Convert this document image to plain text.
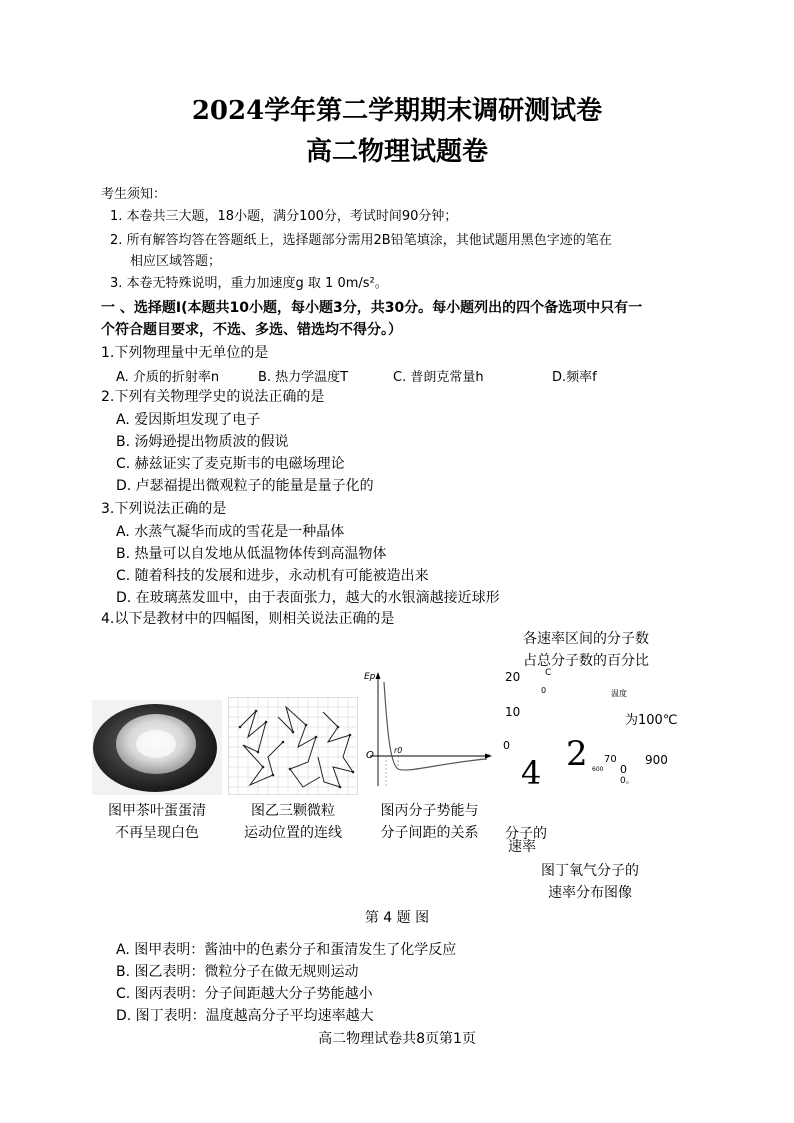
2024学年第二学期期末调研测试卷
高二物理试题卷
考生须知：
1. 本卷共三大题，18小题，满分100分，考试时间90分钟；
2. 所有解答均答在答题纸上，选择题部分需用2B铅笔填涂，其他试题用黑色字迹的笔在
相应区域答题；
3. 本卷无特殊说明，重力加速度g 取 1 0m/s²。
一 、选择题Ⅰ(本题共10小题，每小题3分，共30分。每小题列出的四个备选项中只有一
个符合题目要求，不选、多选、错选均不得分。）
1.下列物理量中无单位的是
A. 介质的折射率n	B. 热力学温度T	C. 普朗克常量h	D.频率f
2.下列有关物理学史的说法正确的是
A. 爱因斯坦发现了电子
B. 汤姆逊提出物质波的假说
C. 赫兹证实了麦克斯韦的电磁场理论
D. 卢瑟福提出微观粒子的能量是量子化的
3.下列说法正确的是
A. 水蒸气凝华而成的雪花是一种晶体
B. 热量可以自发地从低温物体传到高温物体
C. 随着科技的发展和进步，永动机有可能被造出来
D. 在玻璃蒸发皿中，由于表面张力，越大的水银滴越接近球形
4.以下是教材中的四幅图，则相关说法正确的是
图甲茶叶蛋蛋清
不再呈现白色
图乙三颗微粒
运动位置的连线
Ep
O	r0
r
图丙分子势能与
分子间距的关系
各速率区间的分子数
占总分子数的百分比
20	C
0	温度
10
为100℃
0 2
4	70
600 0
0。
900
分子的
速率
图丁氧气分子的
速率分布图像
第 4 题 图
A. 图甲表明：酱油中的色素分子和蛋清发生了化学反应
B. 图乙表明：微粒分子在做无规则运动
C. 图丙表明：分子间距越大分子势能越小
D. 图丁表明：温度越高分子平均速率越大
高二物理试卷共8页第1页
